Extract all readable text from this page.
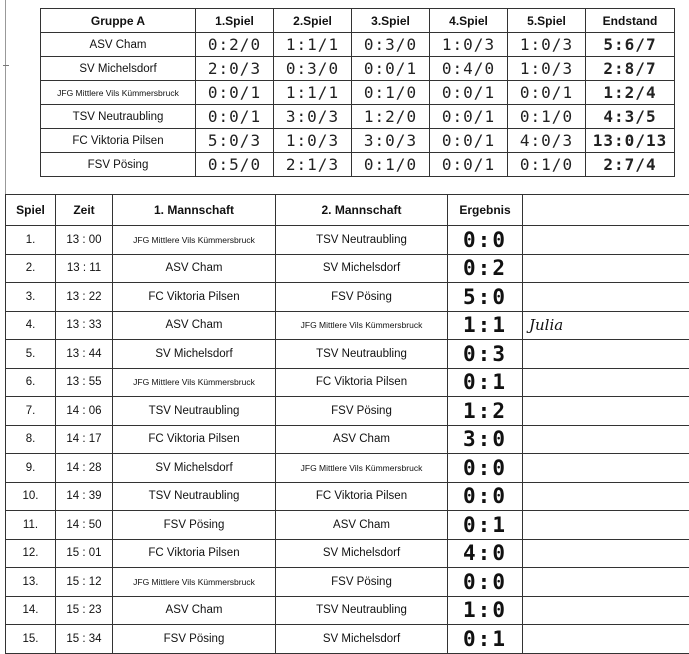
Gruppe A	1.Spiel	2.Spiel	3.Spiel	4.Spiel	5.Spiel	Endstand
ASV Cham	0:2/0	1:1/1	0:3/0	1:0/3	1:0/3	5:6/7
SV Michelsdorf	2:0/3	0:3/0	0:0/1	0:4/0	1:0/3	2:8/7
JFG Mittlere Vils Kümmersbruck	0:0/1	1:1/1	0:1/0	0:0/1	0:0/1	1:2/4
TSV Neutraubling	0:0/1	3:0/3	1:2/0	0:0/1	0:1/0	4:3/5
FC Viktoria Pilsen	5:0/3	1:0/3	3:0/3	0:0/1	4:0/3	13:0/13
FSV Pösing	0:5/0	2:1/3	0:1/0	0:0/1	0:1/0	2:7/4
Spiel	Zeit	1. Mannschaft	2. Mannschaft	Ergebnis	
1.	13 : 00	JFG Mittlere Vils Kümmersbruck	TSV Neutraubling	0:0	
2.	13 : 11	ASV Cham	SV Michelsdorf	0:2	
3.	13 : 22	FC Viktoria Pilsen	FSV Pösing	5:0	
4.	13 : 33	ASV Cham	JFG Mittlere Vils Kümmersbruck	1:1	Julia
5.	13 : 44	SV Michelsdorf	TSV Neutraubling	0:3	
6.	13 : 55	JFG Mittlere Vils Kümmersbruck	FC Viktoria Pilsen	0:1	
7.	14 : 06	TSV Neutraubling	FSV Pösing	1:2	
8.	14 : 17	FC Viktoria Pilsen	ASV Cham	3:0	
9.	14 : 28	SV Michelsdorf	JFG Mittlere Vils Kümmersbruck	0:0	
10.	14 : 39	TSV Neutraubling	FC Viktoria Pilsen	0:0	
11.	14 : 50	FSV Pösing	ASV Cham	0:1	
12.	15 : 01	FC Viktoria Pilsen	SV Michelsdorf	4:0	
13.	15 : 12	JFG Mittlere Vils Kümmersbruck	FSV Pösing	0:0	
14.	15 : 23	ASV Cham	TSV Neutraubling	1:0	
15.	15 : 34	FSV Pösing	SV Michelsdorf	0:1	
